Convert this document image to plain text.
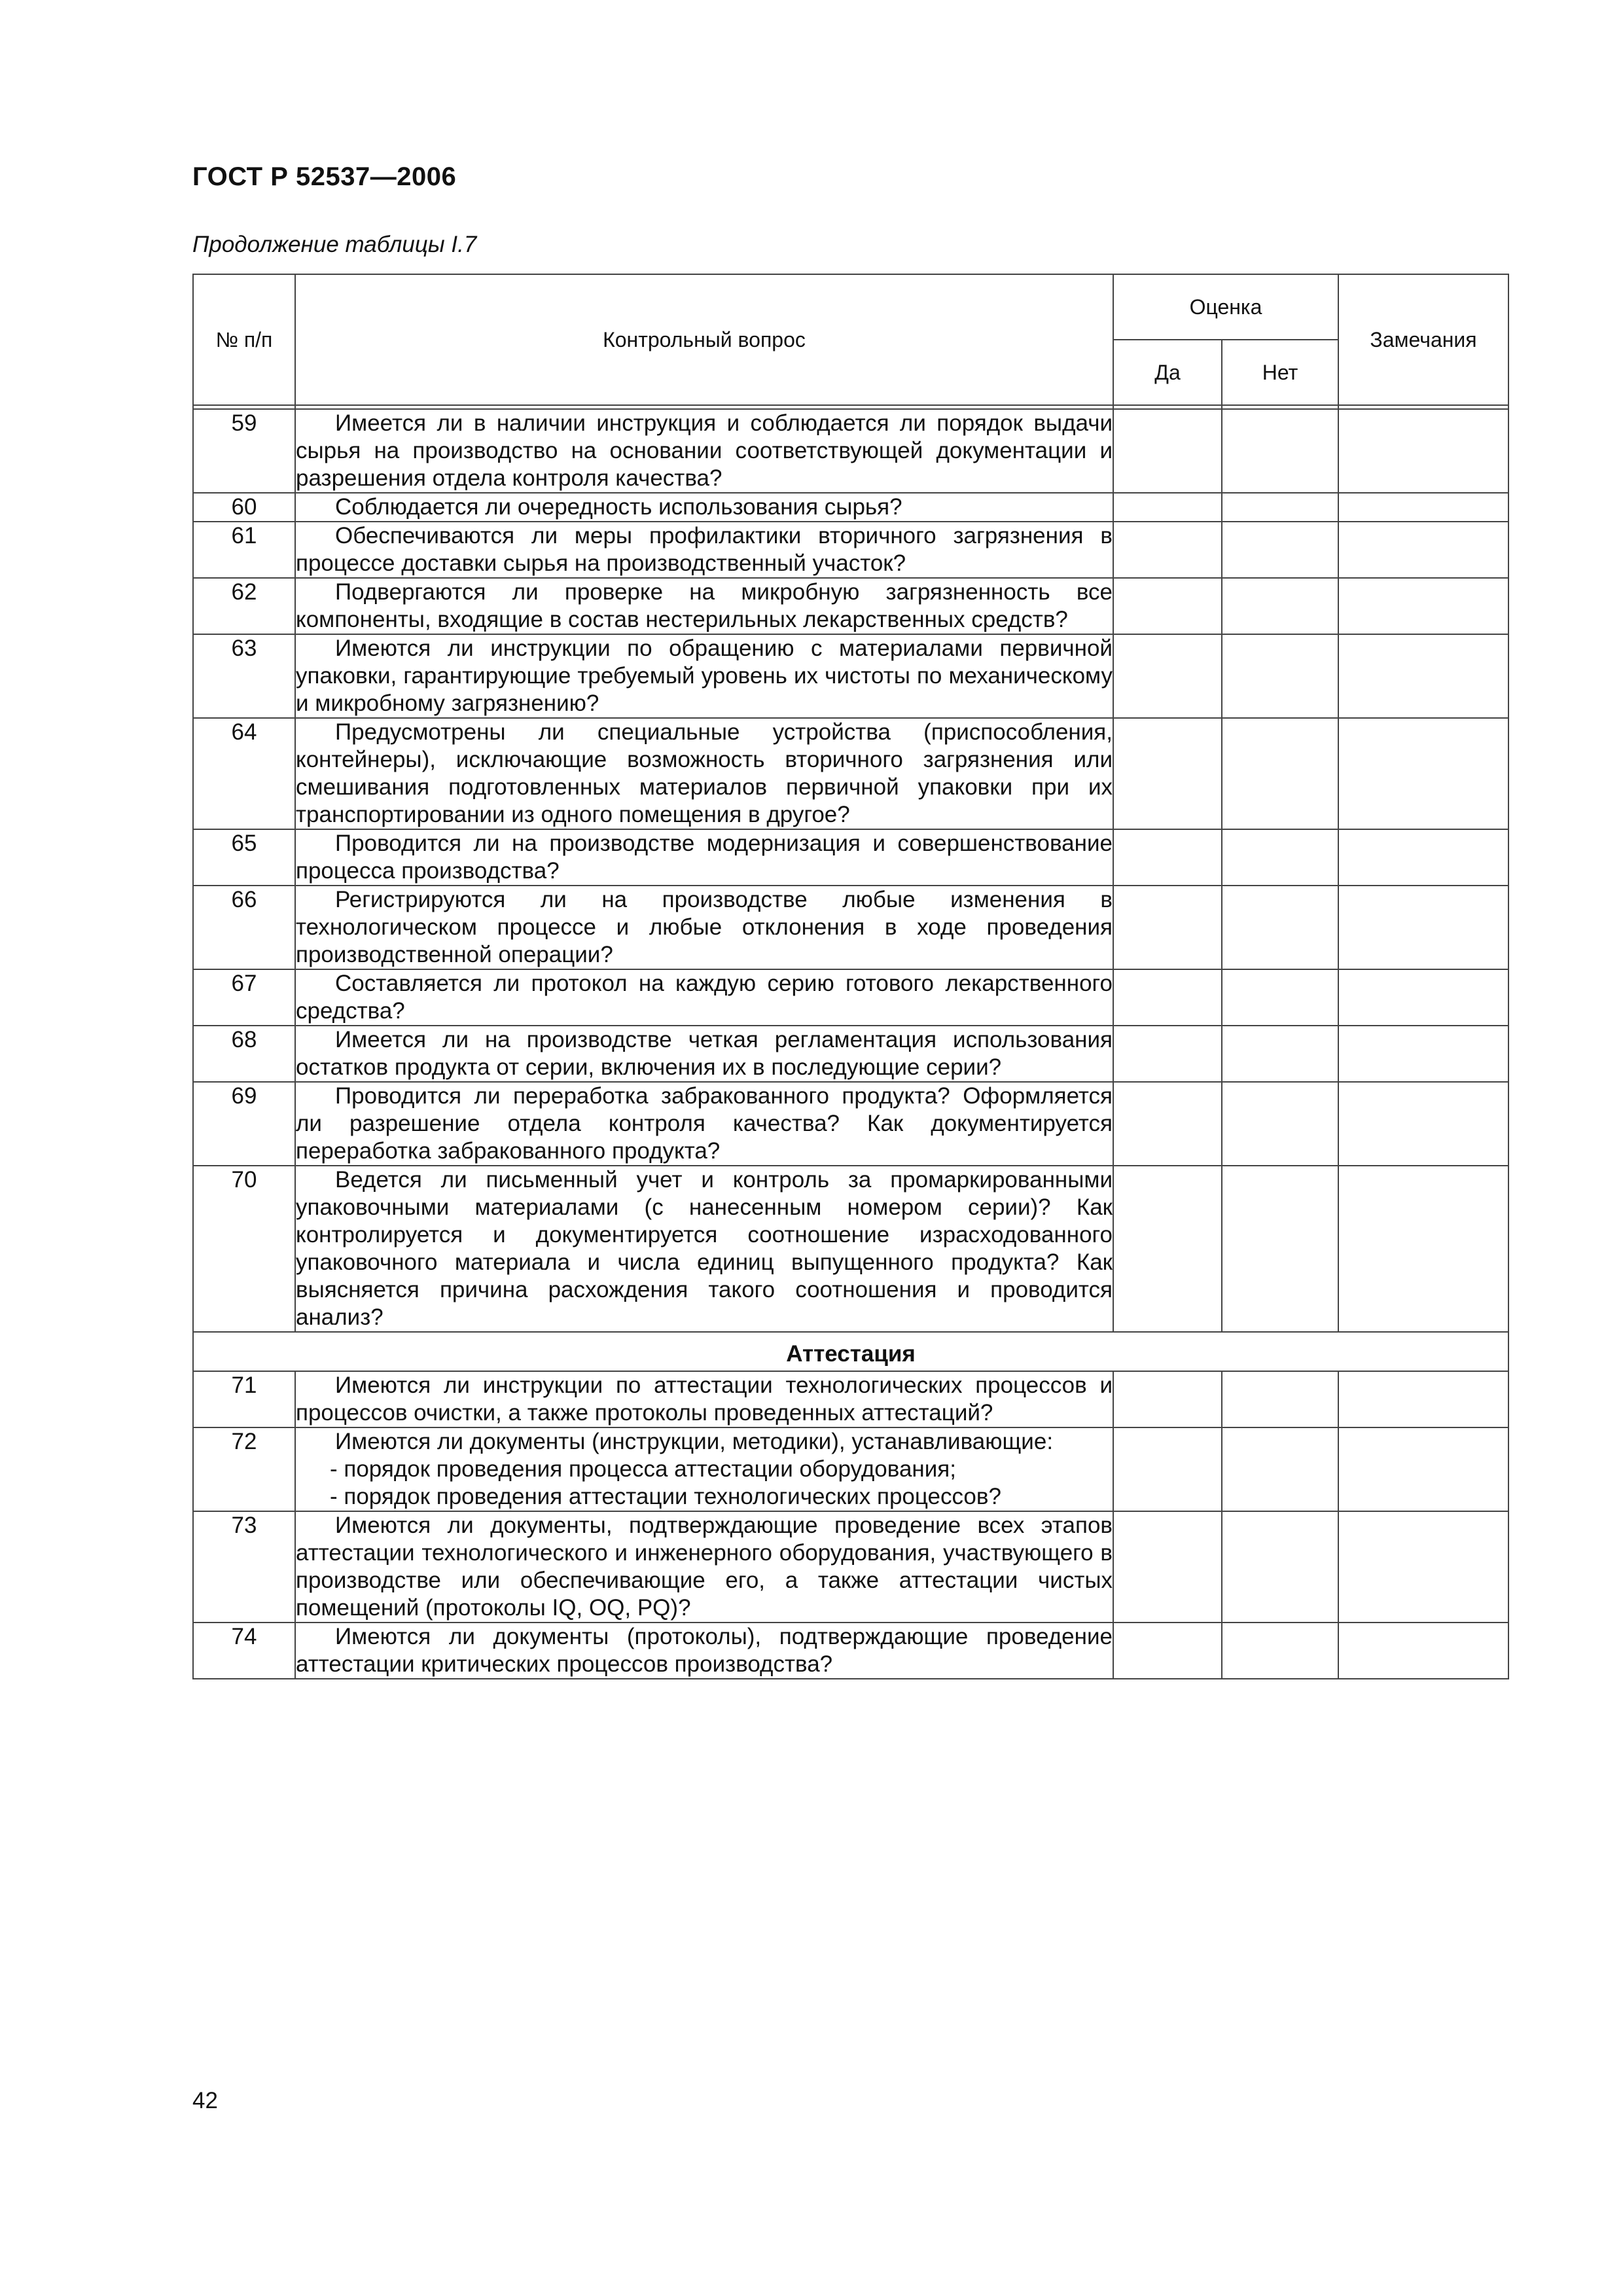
ГОСТ Р 52537—2006
Продолжение таблицы I.7
№ п/п	Контрольный вопрос	Оценка		Замечания
		Да	Нет	

59	Имеется ли в наличии инструкция и соблюдается ли порядок выдачи сырья на производство на основании соответствующей документации и разрешения отдела контроля качества?			

60	Соблюдается ли очередность использования сырья?			

61	Обеспечиваются ли меры профилактики вторичного загрязнения в процессе доставки сырья на производственный участок?			

62	Подвергаются ли проверке на микробную загрязненность все компоненты, входящие в состав нестерильных лекарственных средств?			

63	Имеются ли инструкции по обращению с материалами первичной упаковки, гарантирующие требуемый уровень их чистоты по механическому и микробному загрязнению?			

64	Предусмотрены ли специальные устройства (приспособления, контейнеры), исключающие возможность вторичного загрязнения или смешивания подготовленных материалов первичной упаковки при их транспортировании из одного помещения в другое?			

65	Проводится ли на производстве модернизация и совершенствование процесса производства?			

66	Регистрируются ли на производстве любые изменения в технологическом процессе и любые отклонения в ходе проведения производственной операции?			

67	Составляется ли протокол на каждую серию готового лекарственного средства?			

68	Имеется ли на производстве четкая регламентация использования остатков продукта от серии, включения их в последующие серии?			

69	Проводится ли переработка забракованного продукта? Оформляется ли разрешение отдела контроля качества? Как документируется переработка забракованного продукта?			

70	Ведется ли письменный учет и контроль за промаркированными упаковочными материалами (с нанесенным номером серии)? Как контролируется и документируется соотношение израсходованного упаковочного материала и числа единиц выпущенного продукта? Как выясняется причина расхождения такого соотношения и проводится анализ?			

Аттестация				
71	Имеются ли инструкции по аттестации технологических процессов и процессов очистки, а также протоколы проведенных аттестаций?			

72	Имеются ли документы (инструкции, методики), устанавливающие:

- порядок проведения процесса аттестации оборудования;
- порядок проведения аттестации технологических процессов?			

73	Имеются ли документы, подтверждающие проведение всех этапов аттестации технологического и инженерного оборудования, участвующего в производстве или обеспечивающие его, а также аттестации чистых помещений (протоколы IQ, OQ, PQ)?			

74	Имеются ли документы (протоколы), подтверждающие проведение аттестации критических процессов производства?			

42
